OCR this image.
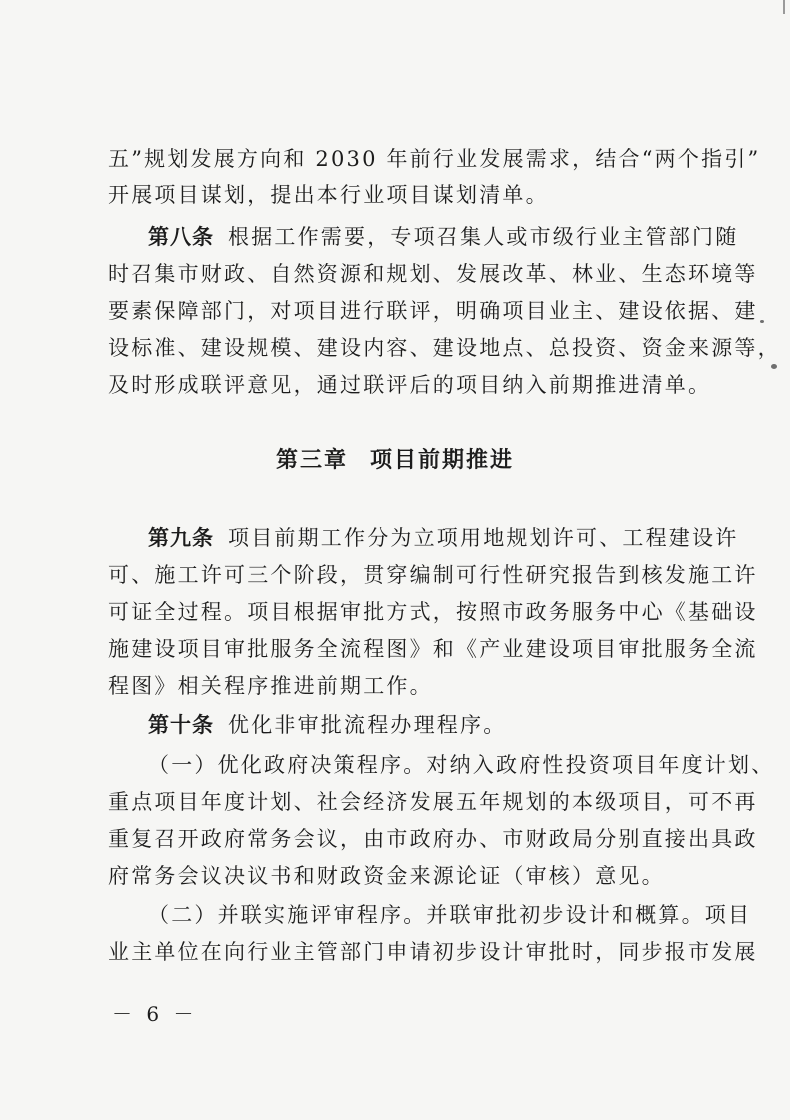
五”规划发展方向和 2030 年前行业发展需求，结合“两个指引”
开展项目谋划，提出本行业项目谋划清单。
第八条 根据工作需要，专项召集人或市级行业主管部门随
时召集市财政、自然资源和规划、发展改革、林业、生态环境等
要素保障部门，对项目进行联评，明确项目业主、建设依据、建
设标准、建设规模、建设内容、建设地点、总投资、资金来源等，
及时形成联评意见，通过联评后的项目纳入前期推进清单。
第三章 项目前期推进
第九条 项目前期工作分为立项用地规划许可、工程建设许
可、施工许可三个阶段，贯穿编制可行性研究报告到核发施工许
可证全过程。项目根据审批方式，按照市政务服务中心《基础设
施建设项目审批服务全流程图》和《产业建设项目审批服务全流
程图》相关程序推进前期工作。
第十条 优化非审批流程办理程序。
（一）优化政府决策程序。对纳入政府性投资项目年度计划、
重点项目年度计划、社会经济发展五年规划的本级项目，可不再
重复召开政府常务会议，由市政府办、市财政局分别直接出具政
府常务会议决议书和财政资金来源论证（审核）意见。
（二）并联实施评审程序。并联审批初步设计和概算。项目
业主单位在向行业主管部门申请初步设计审批时，同步报市发展
－ 6 －
